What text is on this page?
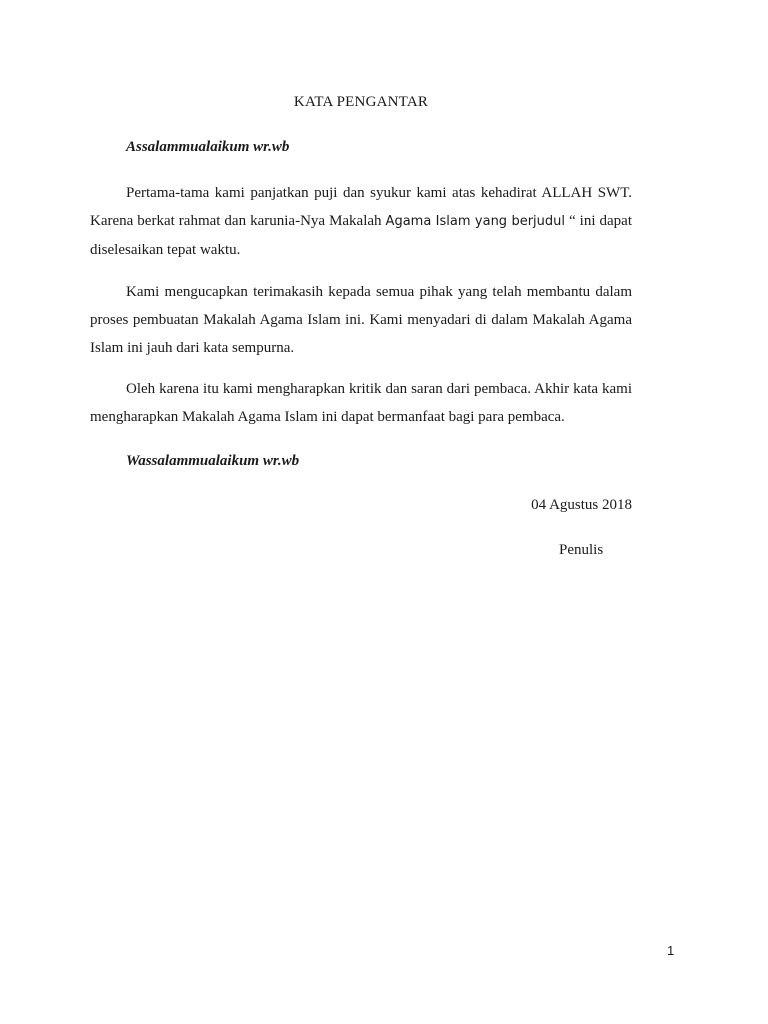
KATA PENGANTAR
Assalammualaikum wr.wb
Pertama-tama kami panjatkan puji dan syukur kami atas kehadirat ALLAH SWT. Karena berkat rahmat dan karunia-Nya Makalah Agama Islam yang berjudul “ ini dapat diselesaikan tepat waktu.
Kami mengucapkan terimakasih kepada semua pihak yang telah membantu dalam proses pembuatan Makalah Agama Islam ini. Kami menyadari di dalam Makalah Agama Islam ini jauh dari kata sempurna.
Oleh karena itu kami mengharapkan kritik dan saran dari pembaca. Akhir kata kami mengharapkan Makalah Agama Islam ini dapat bermanfaat bagi para pembaca.
Wassalammualaikum wr.wb
04 Agustus 2018
Penulis
1
